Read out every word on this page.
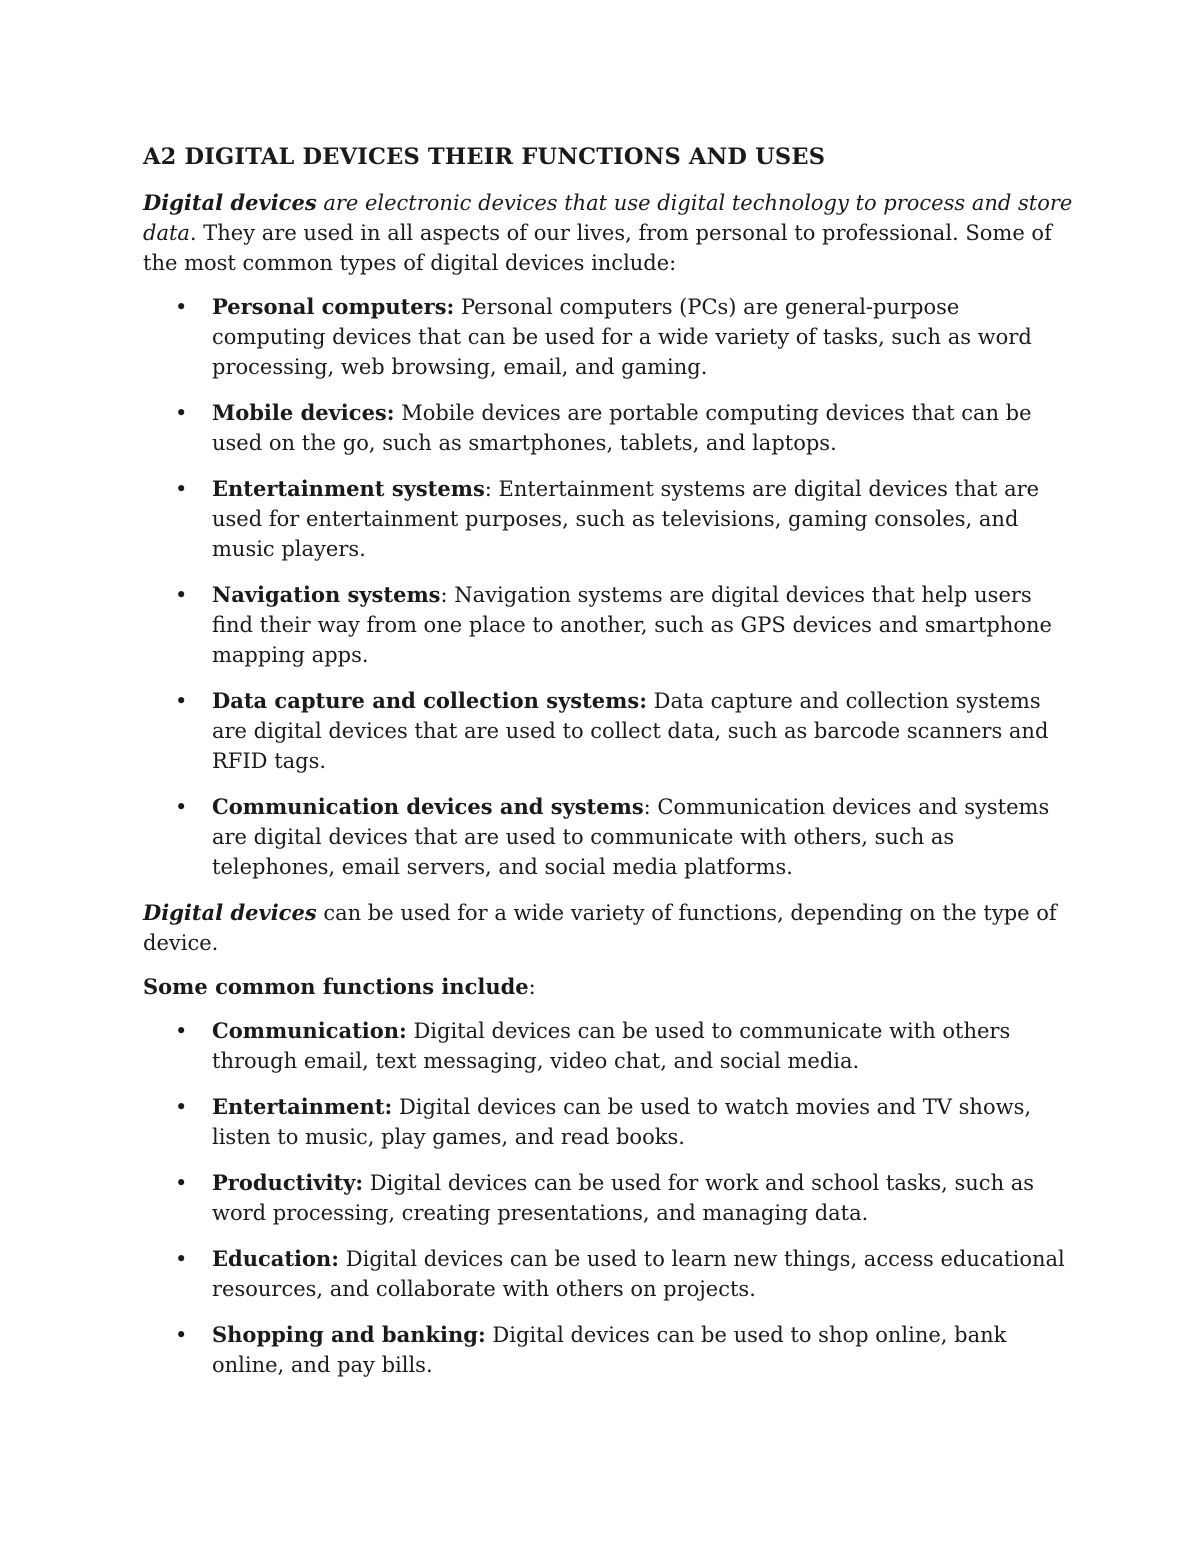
A2 DIGITAL DEVICES THEIR FUNCTIONS AND USES

Digital devices are electronic devices that use digital technology to process and store data. They are used in all aspects of our lives, from personal to professional. Some of the most common types of digital devices include:

• Personal computers: Personal computers (PCs) are general-purpose computing devices that can be used for a wide variety of tasks, such as word processing, web browsing, email, and gaming.
• Mobile devices: Mobile devices are portable computing devices that can be used on the go, such as smartphones, tablets, and laptops.
• Entertainment systems: Entertainment systems are digital devices that are used for entertainment purposes, such as televisions, gaming consoles, and music players.
• Navigation systems: Navigation systems are digital devices that help users find their way from one place to another, such as GPS devices and smartphone mapping apps.
• Data capture and collection systems: Data capture and collection systems are digital devices that are used to collect data, such as barcode scanners and RFID tags.
• Communication devices and systems: Communication devices and systems are digital devices that are used to communicate with others, such as telephones, email servers, and social media platforms.

Digital devices can be used for a wide variety of functions, depending on the type of device.

Some common functions include:

• Communication: Digital devices can be used to communicate with others through email, text messaging, video chat, and social media.
• Entertainment: Digital devices can be used to watch movies and TV shows, listen to music, play games, and read books.
• Productivity: Digital devices can be used for work and school tasks, such as word processing, creating presentations, and managing data.
• Education: Digital devices can be used to learn new things, access educational resources, and collaborate with others on projects.
• Shopping and banking: Digital devices can be used to shop online, bank online, and pay bills.
